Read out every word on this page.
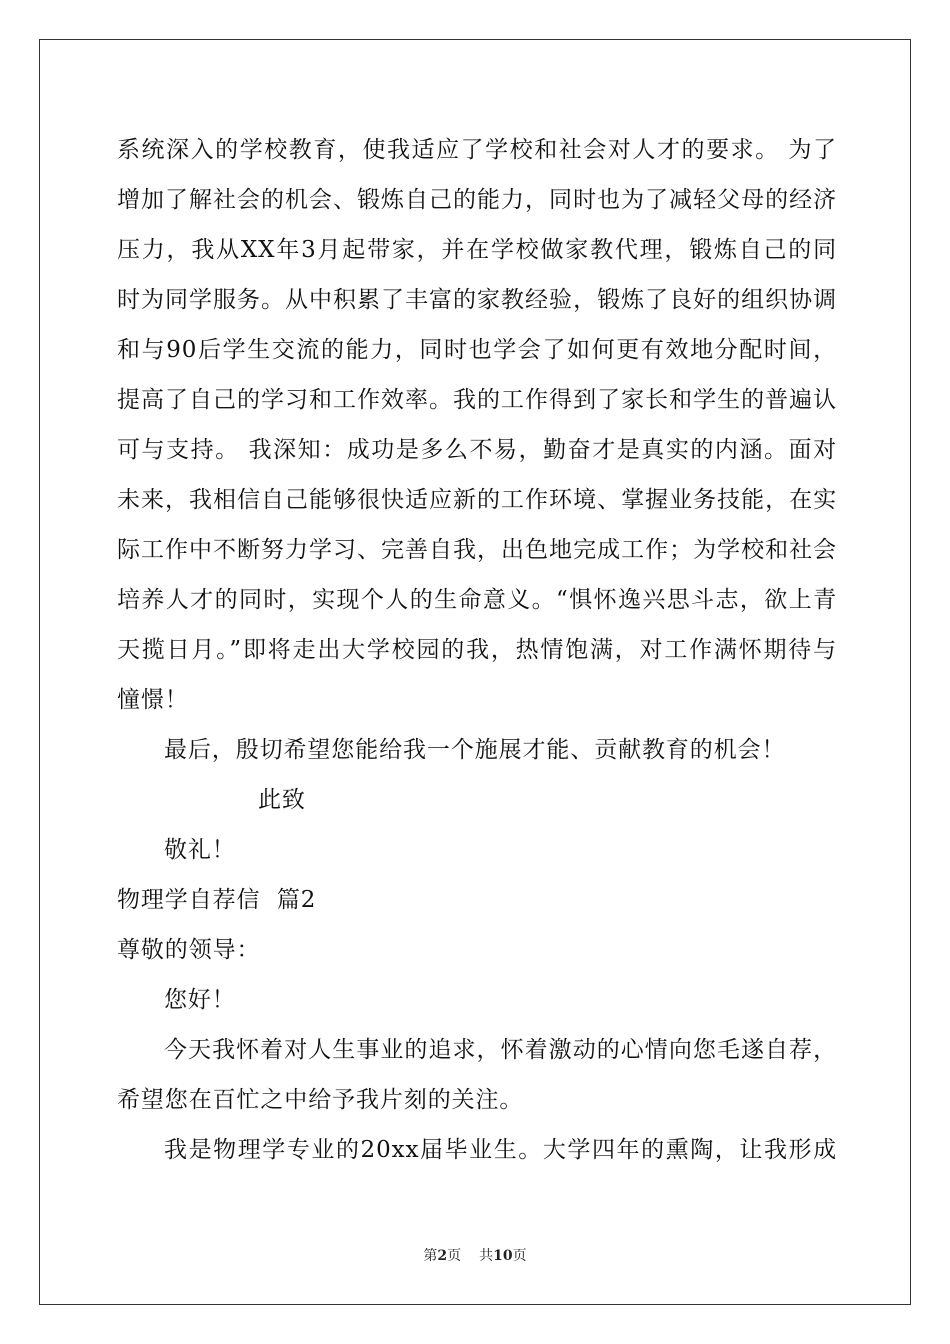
系统深入的学校教育，使我适应了学校和社会对人才的要求。 为了
增加了解社会的机会、锻炼自己的能力，同时也为了减轻父母的经济
压力，我从XX年3月起带家，并在学校做家教代理，锻炼自己的同
时为同学服务。从中积累了丰富的家教经验，锻炼了良好的组织协调
和与90后学生交流的能力，同时也学会了如何更有效地分配时间，
提高了自己的学习和工作效率。我的工作得到了家长和学生的普遍认
可与支持。 我深知：成功是多么不易，勤奋才是真实的内涵。面对
未来，我相信自己能够很快适应新的工作环境、掌握业务技能，在实
际工作中不断努力学习、完善自我，出色地完成工作；为学校和社会
培养人才的同时，实现个人的生命意义。“惧怀逸兴思斗志，欲上青
天揽日月。”即将走出大学校园的我，热情饱满，对工作满怀期待与
憧憬！
最后，殷切希望您能给我一个施展才能、贡献教育的机会！
此致
敬礼！
物理学自荐信  篇2
尊敬的领导：
您好！
今天我怀着对人生事业的追求，怀着激动的心情向您毛遂自荐，
希望您在百忙之中给予我片刻的关注。
我是物理学专业的20xx届毕业生。大学四年的熏陶，让我形成
第2页 共10页
